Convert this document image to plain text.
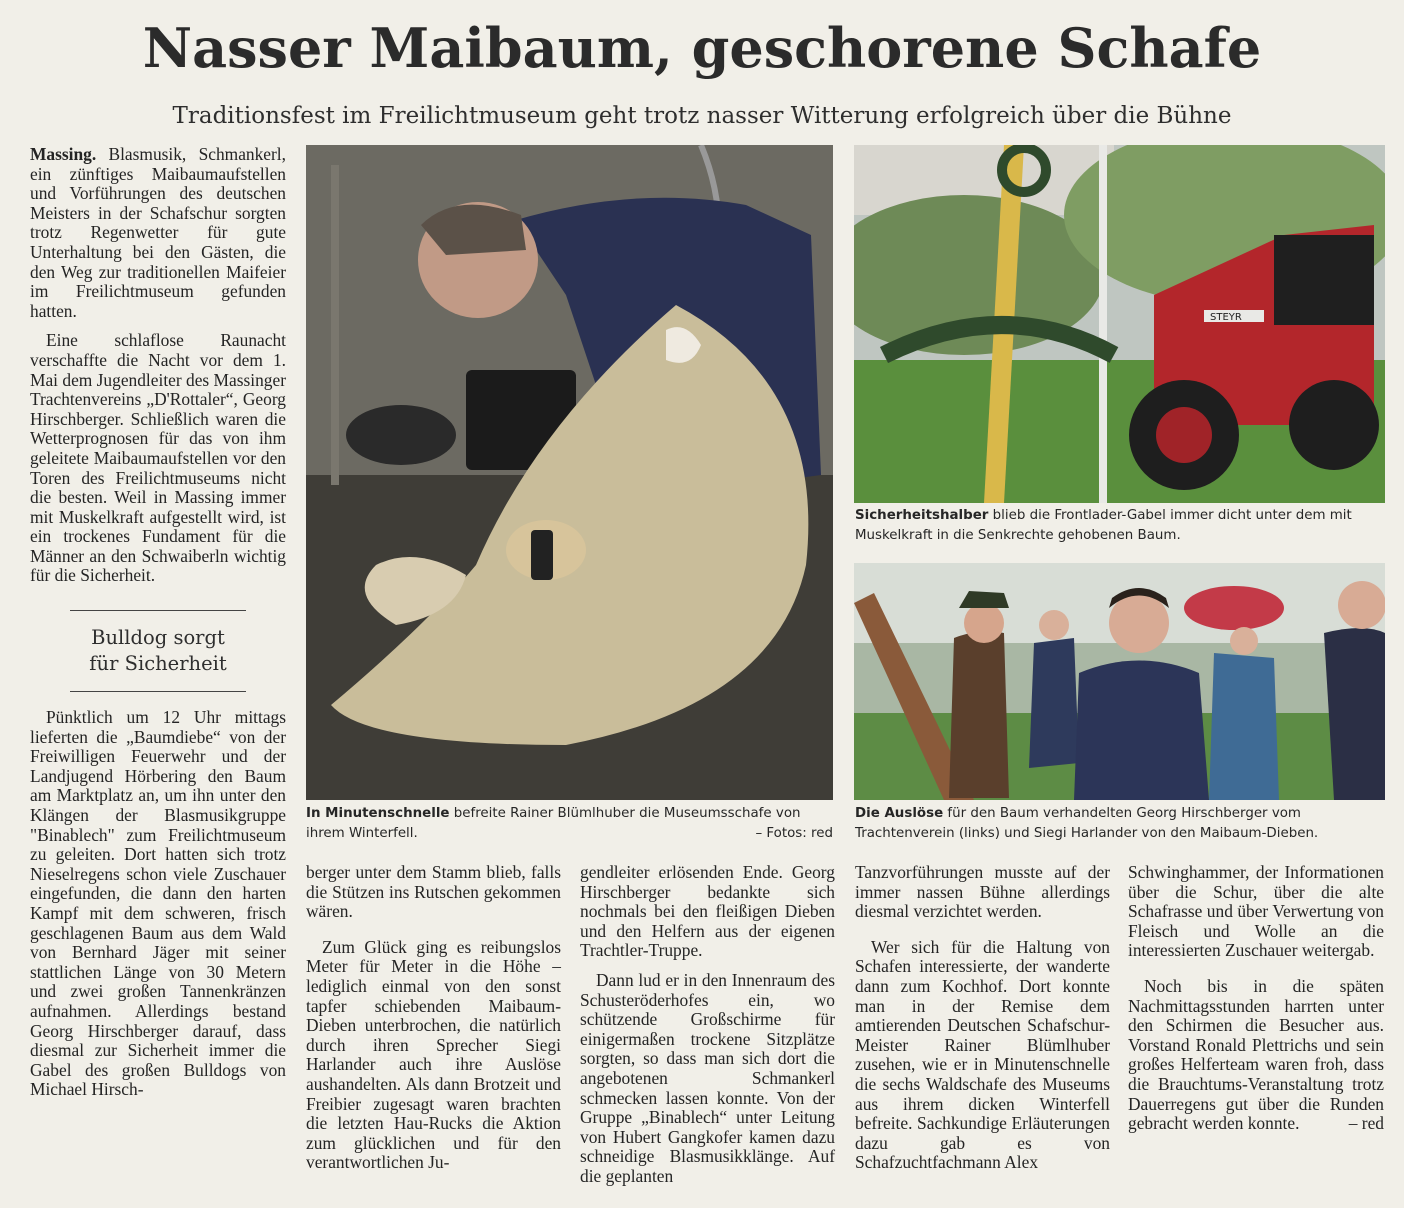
Nasser Maibaum, geschorene Schafe
Traditionsfest im Freilichtmuseum geht trotz nasser Witterung erfolgreich über die Bühne

Massing. Blasmusik, Schmankerl, ein zünftiges Maibaumaufstellen und Vorführungen des deutschen Meisters in der Schafschur sorgten trotz Regenwetter für gute Unterhaltung bei den Gästen, die den Weg zur traditionellen Maifeier im Freilichtmuseum gefunden hatten.

Eine schlaflose Raunacht verschaffte die Nacht vor dem 1. Mai dem Jugendleiter des Massinger Trachtenvereins „D'Rottaler“, Georg Hirschberger. Schließlich waren die Wetterprognosen für das von ihm geleitete Maibaumaufstellen vor den Toren des Freilichtmuseums nicht die besten. Weil in Massing immer mit Muskelkraft aufgestellt wird, ist ein trockenes Fundament für die Männer an den Schwaiberln wichtig für die Sicherheit.

Bulldog sorgt
für Sicherheit

Pünktlich um 12 Uhr mittags lieferten die „Baumdiebe“ von der Freiwilligen Feuerwehr und der Landjugend Hörbering den Baum am Marktplatz an, um ihn unter den Klängen der Blasmusikgruppe "Binablech" zum Freilichtmuseum zu geleiten. Dort hatten sich trotz Nieselregens schon viele Zuschauer eingefunden, die dann den harten Kampf mit dem schweren, frisch geschlagenen Baum aus dem Wald von Bernhard Jäger mit seiner stattlichen Länge von 30 Metern und zwei großen Tannenkränzen aufnahmen. Allerdings bestand Georg Hirschberger darauf, dass diesmal zur Sicherheit immer die Gabel des großen Bulldogs von Michael Hirsch-

In Minutenschnelle befreite Rainer Blümlhuber die Museumsschafe von ihrem Winterfell.	– Fotos: red
STEYR
Sicherheitshalber blieb die Frontlader-Gabel immer dicht unter dem mit Muskelkraft in die Senkrechte gehobenen Baum.
Die Auslöse für den Baum verhandelten Georg Hirschberger vom Trachtenverein (links) und Siegi Harlander von den Maibaum-Dieben.

berger unter dem Stamm blieb, falls die Stützen ins Rutschen gekommen wären.

Zum Glück ging es reibungslos Meter für Meter in die Höhe – lediglich einmal von den sonst tapfer schiebenden Maibaum-Dieben unterbrochen, die natürlich durch ihren Sprecher Siegi Harlander auch ihre Auslöse aushandelten. Als dann Brotzeit und Freibier zugesagt waren brachten die letzten Hau-Rucks die Aktion zum glücklichen und für den verantwortlichen Ju-

gendleiter erlösenden Ende. Georg Hirschberger bedankte sich nochmals bei den fleißigen Dieben und den Helfern aus der eigenen Trachtler-Truppe.

Dann lud er in den Innenraum des Schusteröderhofes ein, wo schützende Großschirme für einigermaßen trockene Sitzplätze sorgten, so dass man sich dort die angebotenen Schmankerl schmecken lassen konnte. Von der Gruppe „Binablech“ unter Leitung von Hubert Gangkofer kamen dazu schneidige Blasmusikklänge. Auf die geplanten

Tanzvorführungen musste auf der immer nassen Bühne allerdings diesmal verzichtet werden.

Wer sich für die Haltung von Schafen interessierte, der wanderte dann zum Kochhof. Dort konnte man in der Remise dem amtierenden Deutschen Schafschur-Meister Rainer Blümlhuber zusehen, wie er in Minutenschnelle die sechs Waldschafe des Museums aus ihrem dicken Winterfell befreite. Sachkundige Erläuterungen dazu gab es von Schafzuchtfachmann Alex

Schwinghammer, der Informationen über die Schur, über die alte Schafrasse und über Verwertung von Fleisch und Wolle an die interessierten Zuschauer weitergab.

Noch bis in die späten Nachmittagsstunden harrten unter den Schirmen die Besucher aus. Vorstand Ronald Plettrichs und sein großes Helferteam waren froh, dass die Brauchtums-Veranstaltung trotz Dauerregens gut über die Runden gebracht werden konnte.	– red
